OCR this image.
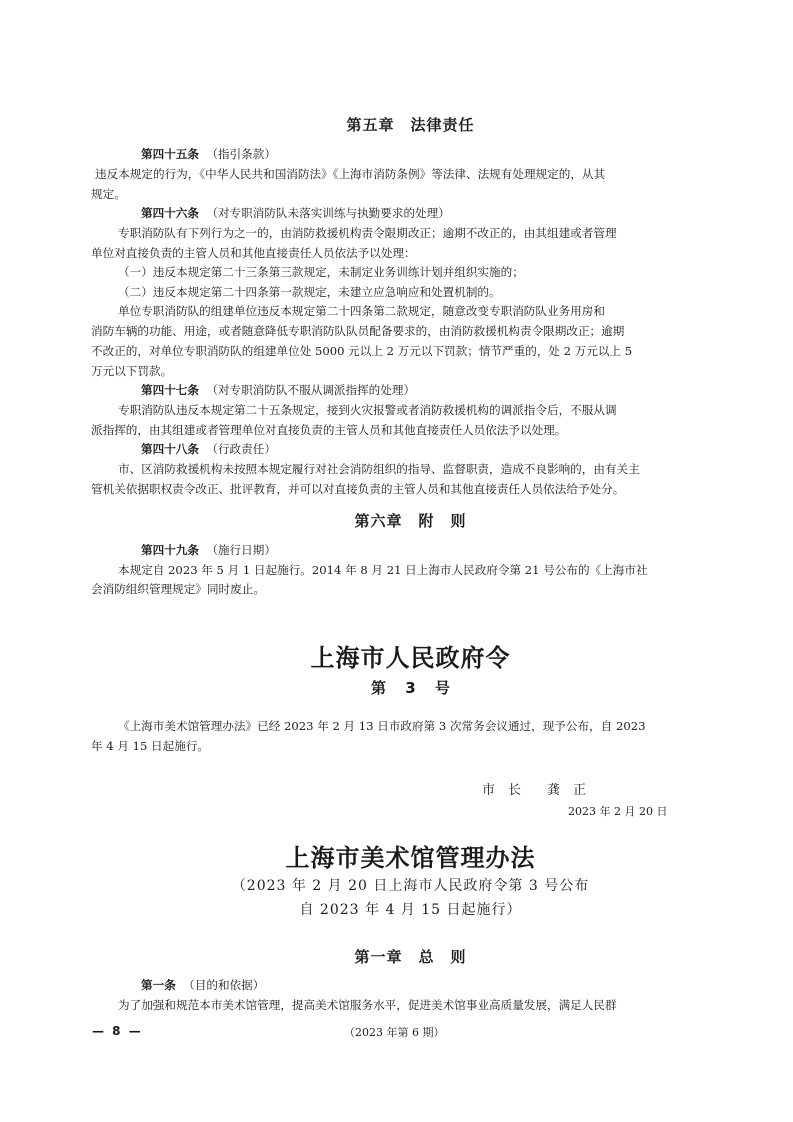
第五章　法律责任
第四十五条 （指引条款）
违反本规定的行为，《中华人民共和国消防法》《上海市消防条例》等法律、法规有处理规定的，从其
规定。
第四十六条 （对专职消防队未落实训练与执勤要求的处理）
专职消防队有下列行为之一的，由消防救援机构责令限期改正；逾期不改正的，由其组建或者管理
单位对直接负责的主管人员和其他直接责任人员依法予以处理：
（一）违反本规定第二十三条第三款规定，未制定业务训练计划并组织实施的；
（二）违反本规定第二十四条第一款规定，未建立应急响应和处置机制的。
单位专职消防队的组建单位违反本规定第二十四条第二款规定，随意改变专职消防队业务用房和
消防车辆的功能、用途，或者随意降低专职消防队队员配备要求的，由消防救援机构责令限期改正；逾期
不改正的，对单位专职消防队的组建单位处 5000 元以上 2 万元以下罚款；情节严重的，处 2 万元以上 5
万元以下罚款。
第四十七条 （对专职消防队不服从调派指挥的处理）
专职消防队违反本规定第二十五条规定，接到火灾报警或者消防救援机构的调派指令后，不服从调
派指挥的，由其组建或者管理单位对直接负责的主管人员和其他直接责任人员依法予以处理。
第四十八条 （行政责任）
市、区消防救援机构未按照本规定履行对社会消防组织的指导、监督职责，造成不良影响的，由有关主
管机关依据职权责令改正、批评教育，并可以对直接负责的主管人员和其他直接责任人员依法给予处分。
第六章　附　则
第四十九条 （施行日期）
本规定自 2023 年 5 月 1 日起施行。2014 年 8 月 21 日上海市人民政府令第 21 号公布的《上海市社
会消防组织管理规定》同时废止。
上海市人民政府令
第 3 号
《上海市美术馆管理办法》已经 2023 年 2 月 13 日市政府第 3 次常务会议通过，现予公布，自 2023
年 4 月 15 日起施行。
市　长　　龚　正
2023 年 2 月 20 日
上海市美术馆管理办法
（2023 年 2 月 20 日上海市人民政府令第 3 号公布
自 2023 年 4 月 15 日起施行）
第一章　总　则
第一条 （目的和依据）
为了加强和规范本市美术馆管理，提高美术馆服务水平，促进美术馆事业高质量发展，满足人民群
— 8 —	（2023 年第 6 期）
